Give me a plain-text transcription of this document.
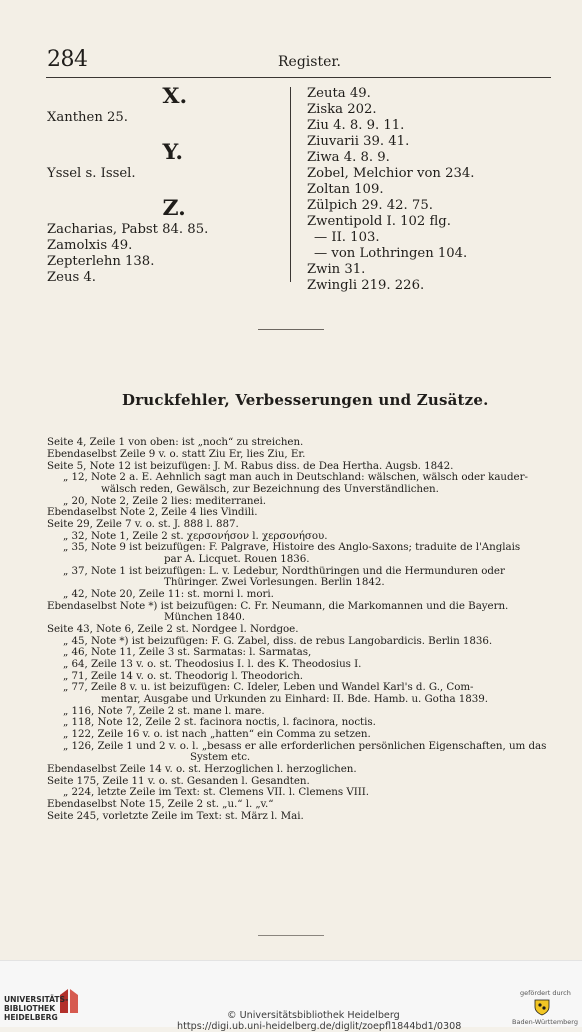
284	Register.
X.
Xanthen 25.
Y.
Yssel s. Issel.
Z.
Zacharias, Pabst 84. 85.
Zamolxis 49.
Zepterlehn 138.
Zeus 4.
Zeuta 49.
Ziska 202.
Ziu 4. 8. 9. 11.
Ziuvarii 39. 41.
Ziwa 4. 8. 9.
Zobel, Melchior von 234.
Zoltan 109.
Zülpich 29. 42. 75.
Zwentipold I. 102 flg.
— II. 103.
— von Lothringen 104.
Zwin 31.
Zwingli 219. 226.
Druckfehler, Verbesserungen und Zusätze.
Seite 4, Zeile 1 von oben: ist „noch“ zu streichen.
Ebendaselbst Zeile 9 v. o. statt Ziu Er, lies Ziu, Er.
Seite 5, Note 12 ist beizufügen: J. M. Rabus diss. de Dea Hertha. Augsb. 1842.
„ 12, Note 2 a. E. Aehnlich sagt man auch in Deutschland: wälschen, wälsch oder kauder-
wälsch reden, Gewälsch, zur Bezeichnung des Unverständlichen.
„ 20, Note 2, Zeile 2 lies: mediterranei.
Ebendaselbst Note 2, Zeile 4 lies Vindili.
Seite 29, Zeile 7 v. o. st. J. 888 l. 887.
„ 32, Note 1, Zeile 2 st. χερσονήσον l. χερσονήσου.
„ 35, Note 9 ist beizufügen: F. Palgrave, Histoire des Anglo-Saxons; traduite de l'Anglais
par A. Licquet. Rouen 1836.
„ 37, Note 1 ist beizufügen: L. v. Ledebur, Nordthüringen und die Hermunduren oder
Thüringer. Zwei Vorlesungen. Berlin 1842.
„ 42, Note 20, Zeile 11: st. morni l. mori.
Ebendaselbst Note *) ist beizufügen: C. Fr. Neumann, die Markomannen und die Bayern.
München 1840.
Seite 43, Note 6, Zeile 2 st. Nordgee l. Nordgoe.
„ 45, Note *) ist beizufügen: F. G. Zabel, diss. de rebus Langobardicis. Berlin 1836.
„ 46, Note 11, Zeile 3 st. Sarmatas: l. Sarmatas,
„ 64, Zeile 13 v. o. st. Theodosius I. l. des K. Theodosius I.
„ 71, Zeile 14 v. o. st. Theodorig l. Theodorich.
„ 77, Zeile 8 v. u. ist beizufügen: C. Ideler, Leben und Wandel Karl's d. G., Com-
mentar, Ausgabe und Urkunden zu Einhard: II. Bde. Hamb. u. Gotha 1839.
„ 116, Note 7, Zeile 2 st. mane l. mare.
„ 118, Note 12, Zeile 2 st. facinora noctis, l. facinora, noctis.
„ 122, Zeile 16 v. o. ist nach „hatten“ ein Comma zu setzen.
„ 126, Zeile 1 und 2 v. o. l. „besass er alle erforderlichen persönlichen Eigenschaften, um das
System etc.
Ebendaselbst Zeile 14 v. o. st. Herzoglichen l. herzoglichen.
Seite 175, Zeile 11 v. o. st. Gesanden l. Gesandten.
„ 224, letzte Zeile im Text: st. Clemens VII. l. Clemens VIII.
Ebendaselbst Note 15, Zeile 2 st. „u.“ l. „v.“
Seite 245, vorletzte Zeile im Text: st. März l. Mai.
UNIVERSITÄTS-
BIBLIOTHEK
HEIDELBERG	© Universitätsbibliothek Heidelberg
https://digi.ub.uni-heidelberg.de/diglit/zoepfl1844bd1/0308
gefördert durch
Baden-Württemberg
